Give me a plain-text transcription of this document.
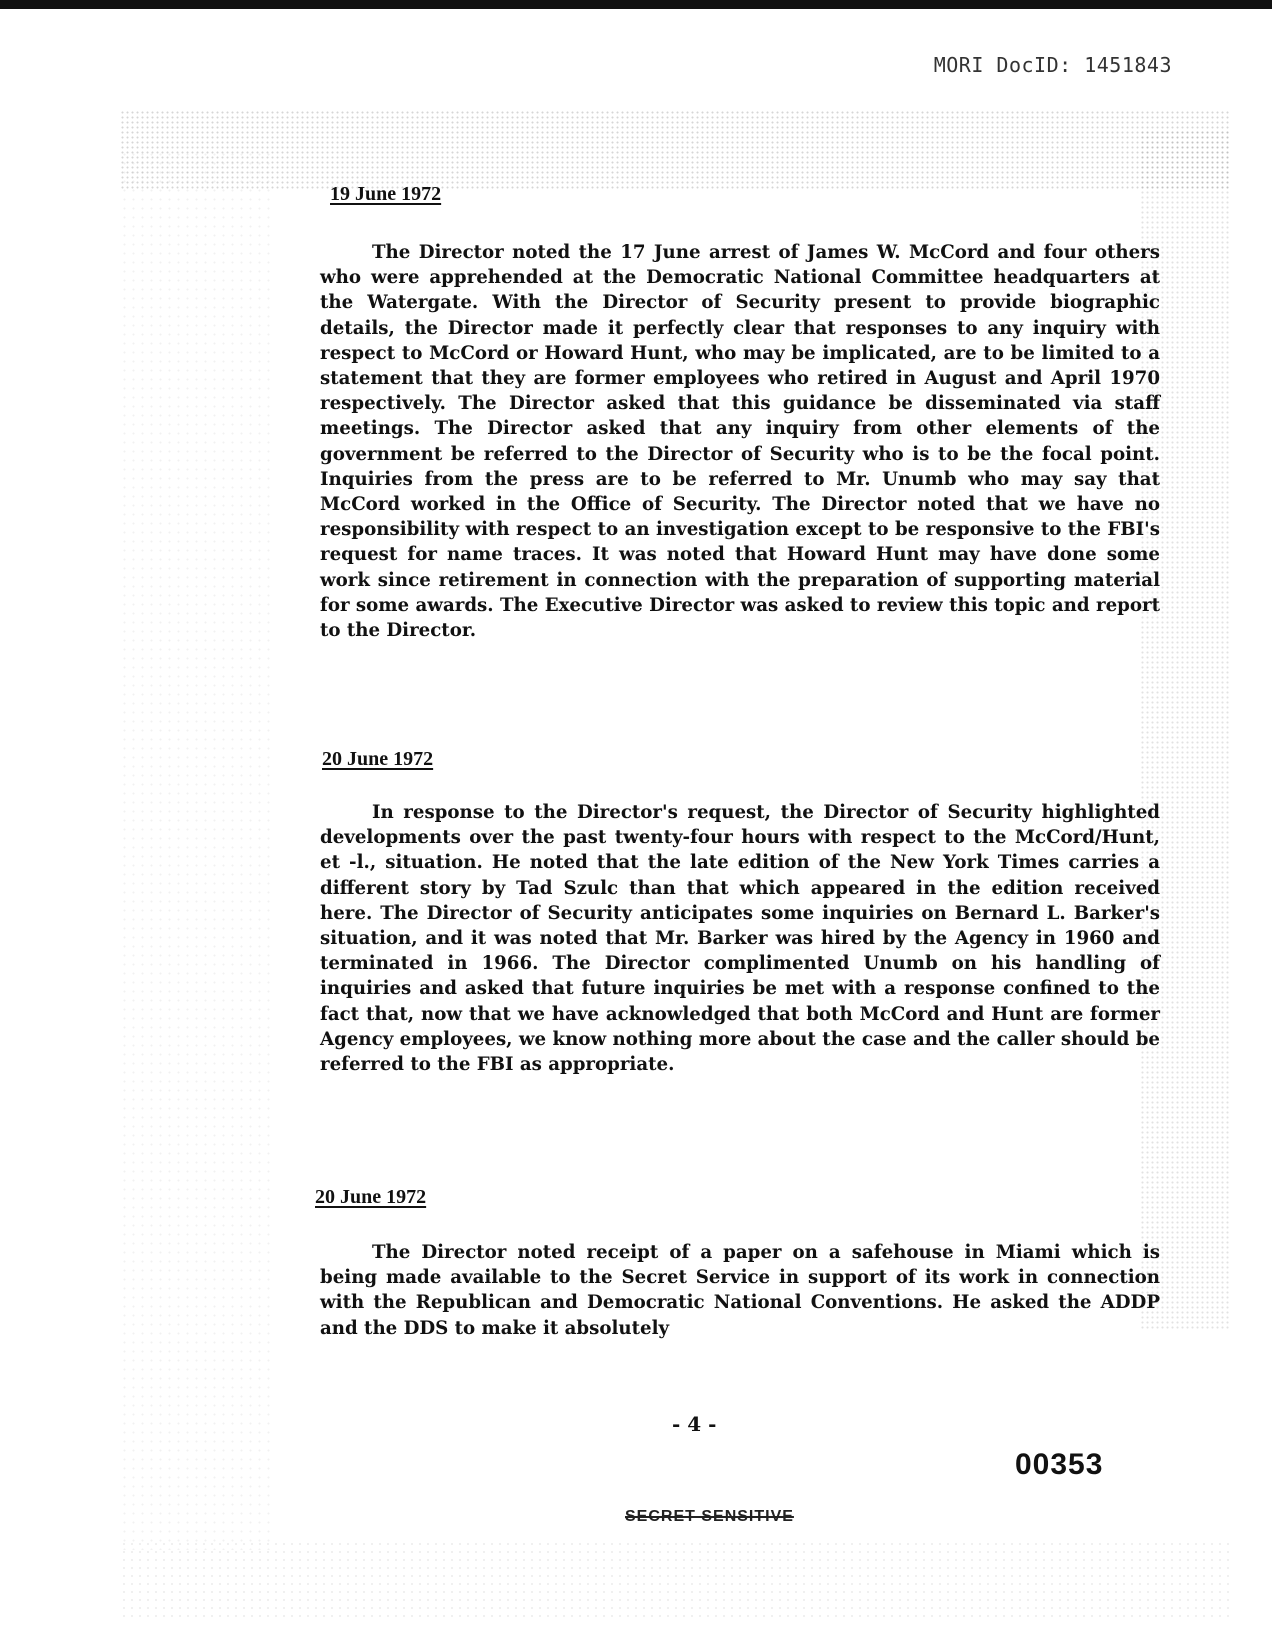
MORI DocID: 1451843
19 June 1972

The Director noted the 17 June arrest of James W. McCord and four others who were apprehended at the Democratic National Committee headquarters at the Watergate. With the Director of Security present to provide biographic details, the Director made it perfectly clear that responses to any inquiry with respect to McCord or Howard Hunt, who may be implicated, are to be limited to a statement that they are former employees who retired in August and April 1970 respectively. The Director asked that this guidance be disseminated via staff meetings. The Director asked that any inquiry from other elements of the government be referred to the Director of Security who is to be the focal point. Inquiries from the press are to be referred to Mr. Unumb who may say that McCord worked in the Office of Security. The Director noted that we have no responsibility with respect to an investigation except to be responsive to the FBI's request for name traces. It was noted that Howard Hunt may have done some work since retirement in connection with the preparation of supporting material for some awards. The Executive Director was asked to review this topic and report to the Director.

20 June 1972

In response to the Director's request, the Director of Security highlighted developments over the past twenty-four hours with respect to the McCord/Hunt, et -l., situation. He noted that the late edition of the New York Times carries a different story by Tad Szulc than that which appeared in the edition received here. The Director of Security anticipates some inquiries on Bernard L. Barker's situation, and it was noted that Mr. Barker was hired by the Agency in 1960 and terminated in 1966. The Director complimented Unumb on his handling of inquiries and asked that future inquiries be met with a response confined to the fact that, now that we have acknowledged that both McCord and Hunt are former Agency employees, we know nothing more about the case and the caller should be referred to the FBI as appropriate.

20 June 1972

The Director noted receipt of a paper on a safehouse in Miami which is being made available to the Secret Service in support of its work in connection with the Republican and Democratic National Conventions. He asked the ADDP and the DDS to make it absolutely

- 4 -
00353
SECRET SENSITIVE
